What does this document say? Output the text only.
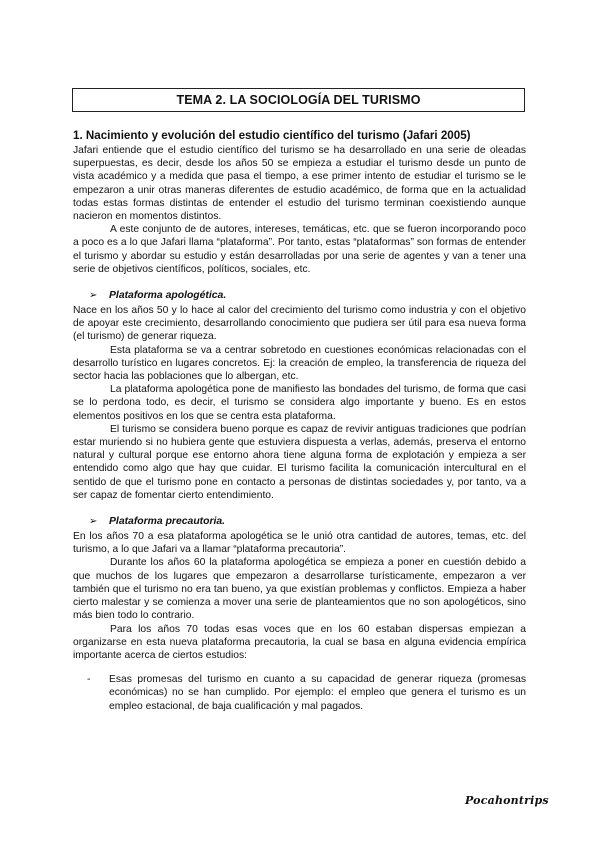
TEMA 2. LA SOCIOLOGÍA DEL TURISMO
1. Nacimiento y evolución del estudio científico del turismo (Jafari 2005)

Jafari entiende que el estudio científico del turismo se ha desarrollado en una serie de oleadas superpuestas, es decir, desde los años 50 se empieza a estudiar el turismo desde un punto de vista académico y a medida que pasa el tiempo, a ese primer intento de estudiar el turismo se le empezaron a unir otras maneras diferentes de estudio académico, de forma que en la actualidad todas estas formas distintas de entender el estudio del turismo terminan coexistiendo aunque nacieron en momentos distintos.

A este conjunto de de autores, intereses, temáticas, etc. que se fueron incorporando poco a poco es a lo que Jafari llama “plataforma”. Por tanto, estas “plataformas” son formas de entender el turismo y abordar su estudio y están desarrolladas por una serie de agentes y van a tener una serie de objetivos científicos, políticos, sociales, etc.

➢	Plataforma apologética.

Nace en los años 50 y lo hace al calor del crecimiento del turismo como industria y con el objetivo de apoyar este crecimiento, desarrollando conocimiento que pudiera ser útil para esa nueva forma (el turismo) de generar riqueza.

Esta plataforma se va a centrar sobretodo en cuestiones económicas relacionadas con el desarrollo turístico en lugares concretos. Ej: la creación de empleo, la transferencia de riqueza del sector hacia las poblaciones que lo albergan, etc.

La plataforma apologética pone de manifiesto las bondades del turismo, de forma que casi se lo perdona todo, es decir, el turismo se considera algo importante y bueno. Es en estos elementos positivos en los que se centra esta plataforma.

El turismo se considera bueno porque es capaz de revivir antiguas tradiciones que podrían estar muriendo si no hubiera gente que estuviera dispuesta a verlas, además, preserva el entorno natural y cultural porque ese entorno ahora tiene alguna forma de explotación y empieza a ser entendido como algo que hay que cuidar. El turismo facilita la comunicación intercultural en el sentido de que el turismo pone en contacto a personas de distintas sociedades y, por tanto, va a ser capaz de fomentar cierto entendimiento.

➢	Plataforma precautoria.

En los años 70 a esa plataforma apologética se le unió otra cantidad de autores, temas, etc. del turismo, a lo que Jafari va a llamar “plataforma precautoria”.

Durante los años 60 la plataforma apologética se empieza a poner en cuestión debido a que muchos de los lugares que empezaron a desarrollarse turísticamente, empezaron a ver también que el turismo no era tan bueno, ya que existían problemas y conflictos. Empieza a haber cierto malestar y se comienza a mover una serie de planteamientos que no son apologéticos, sino más bien todo lo contrario.

Para los años 70 todas esas voces que en los 60 estaban dispersas empiezan a organizarse en esta nueva plataforma precautoria, la cual se basa en alguna evidencia empírica importante acerca de ciertos estudios:

-	Esas promesas del turismo en cuanto a su capacidad de generar riqueza (promesas económicas) no se han cumplido. Por ejemplo: el empleo que genera el turismo es un empleo estacional, de baja cualificación y mal pagados.

Pocahontrips
